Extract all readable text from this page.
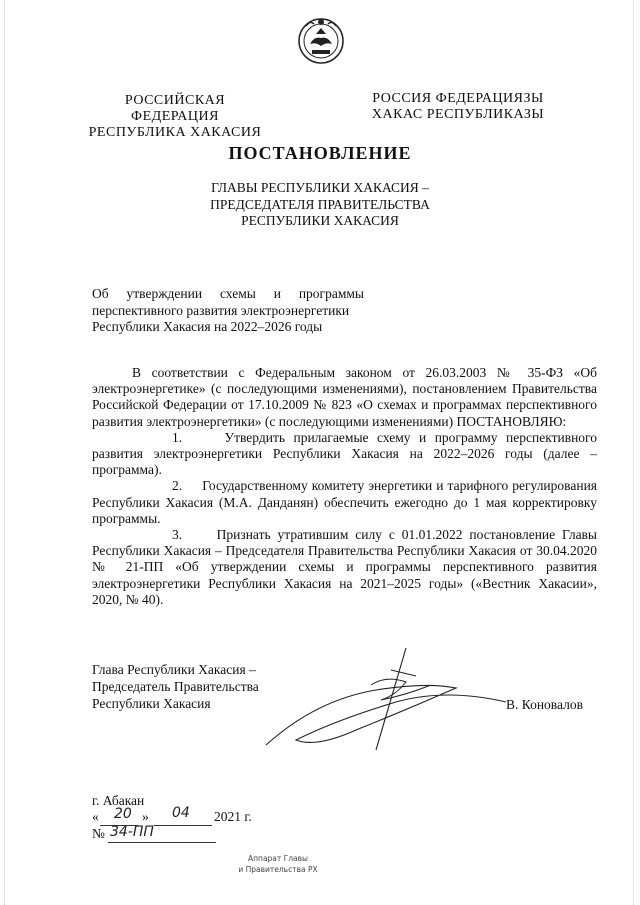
РОССИЙСКАЯ ФЕДЕРАЦИЯ
РЕСПУБЛИКА ХАКАСИЯ
РОССИЯ ФЕДЕРАЦИЯЗЫ
ХАКАС РЕСПУБЛИКАЗЫ
ПОСТАНОВЛЕНИЕ
ГЛАВЫ РЕСПУБЛИКИ ХАКАСИЯ –
ПРЕДСЕДАТЕЛЯ ПРАВИТЕЛЬСТВА
РЕСПУБЛИКИ ХАКАСИЯ
Об утверждении схемы и программы
перспективного развития электроэнергетики
Республики Хакасия на 2022–2026 годы

В соответствии с Федеральным законом от 26.03.2003 № 35-ФЗ «Об электроэнергетике» (с последующими изменениями), постановлением Правительства Российской Федерации от 17.10.2009 № 823 «О схемах и программах перспективного развития электроэнергетики» (с последующими изменениями) ПОСТАНОВЛЯЮ:

1.	Утвердить прилагаемые схему и программу перспективного развития электроэнергетики Республики Хакасия на 2022–2026 годы (далее – программа).

2. Государственному комитету энергетики и тарифного регулирования Республики Хакасия (М.А. Данданян) обеспечить ежегодно до 1 мая корректировку программы.

3.	Признать утратившим силу с 01.01.2022 постановление Главы Республики Хакасия – Председателя Правительства Республики Хакасия от 30.04.2020 № 21-ПП «Об утверждении схемы и программы перспективного развития электроэнергетики Республики Хакасия на 2021–2025 годы» («Вестник Хакасии», 2020, № 40).

Глава Республики Хакасия –
Председатель Правительства
Республики Хакасия	В. Коновалов
г. Абакан
« 20 » 04 2021 г.
№ 34-ПП
Аппарат Главы
и Правительства РХ
